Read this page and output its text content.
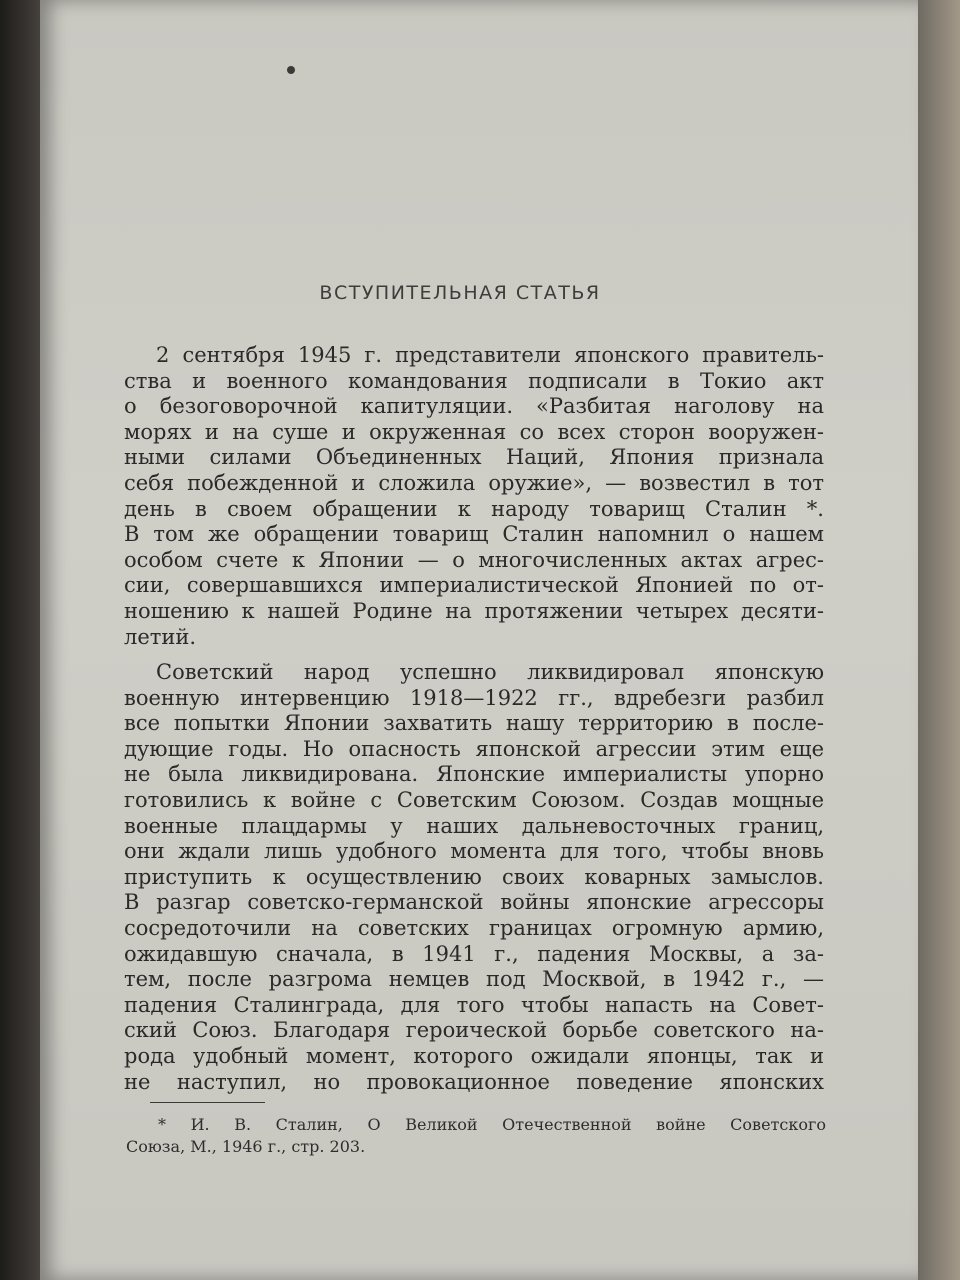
ВСТУПИТЕЛЬНАЯ СТАТЬЯ
2 сентября 1945 г. представители японского правитель-
ства и военного командования подписали в Токио акт
о безоговорочной капитуляции. «Разбитая наголову на
морях и на суше и окруженная со всех сторон вооружен-
ными силами Объединенных Наций, Япония признала
себя побежденной и сложила оружие», — возвестил в тот
день в своем обращении к народу товарищ Сталин *.
В том же обращении товарищ Сталин напомнил о нашем
особом счете к Японии — о многочисленных актах агрес-
сии, совершавшихся империалистической Японией по от-
ношению к нашей Родине на протяжении четырех десяти-
летий.
Советский народ успешно ликвидировал японскую
военную интервенцию 1918—1922 гг., вдребезги разбил
все попытки Японии захватить нашу территорию в после-
дующие годы. Но опасность японской агрессии этим еще
не была ликвидирована. Японские империалисты упорно
готовились к войне с Советским Союзом. Создав мощные
военные плацдармы у наших дальневосточных границ,
они ждали лишь удобного момента для того, чтобы вновь
приступить к осуществлению своих коварных замыслов.
В разгар советско-германской войны японские агрессоры
сосредоточили на советских границах огромную армию,
ожидавшую сначала, в 1941 г., падения Москвы, а за-
тем, после разгрома немцев под Москвой, в 1942 г., —
падения Сталинграда, для того чтобы напасть на Совет-
ский Союз. Благодаря героической борьбе советского на-
рода удобный момент, которого ожидали японцы, так и
не наступил, но провокационное поведение японских
* И. В. Сталин, О Великой Отечественной войне Советского
Союза, М., 1946 г., стр. 203.
